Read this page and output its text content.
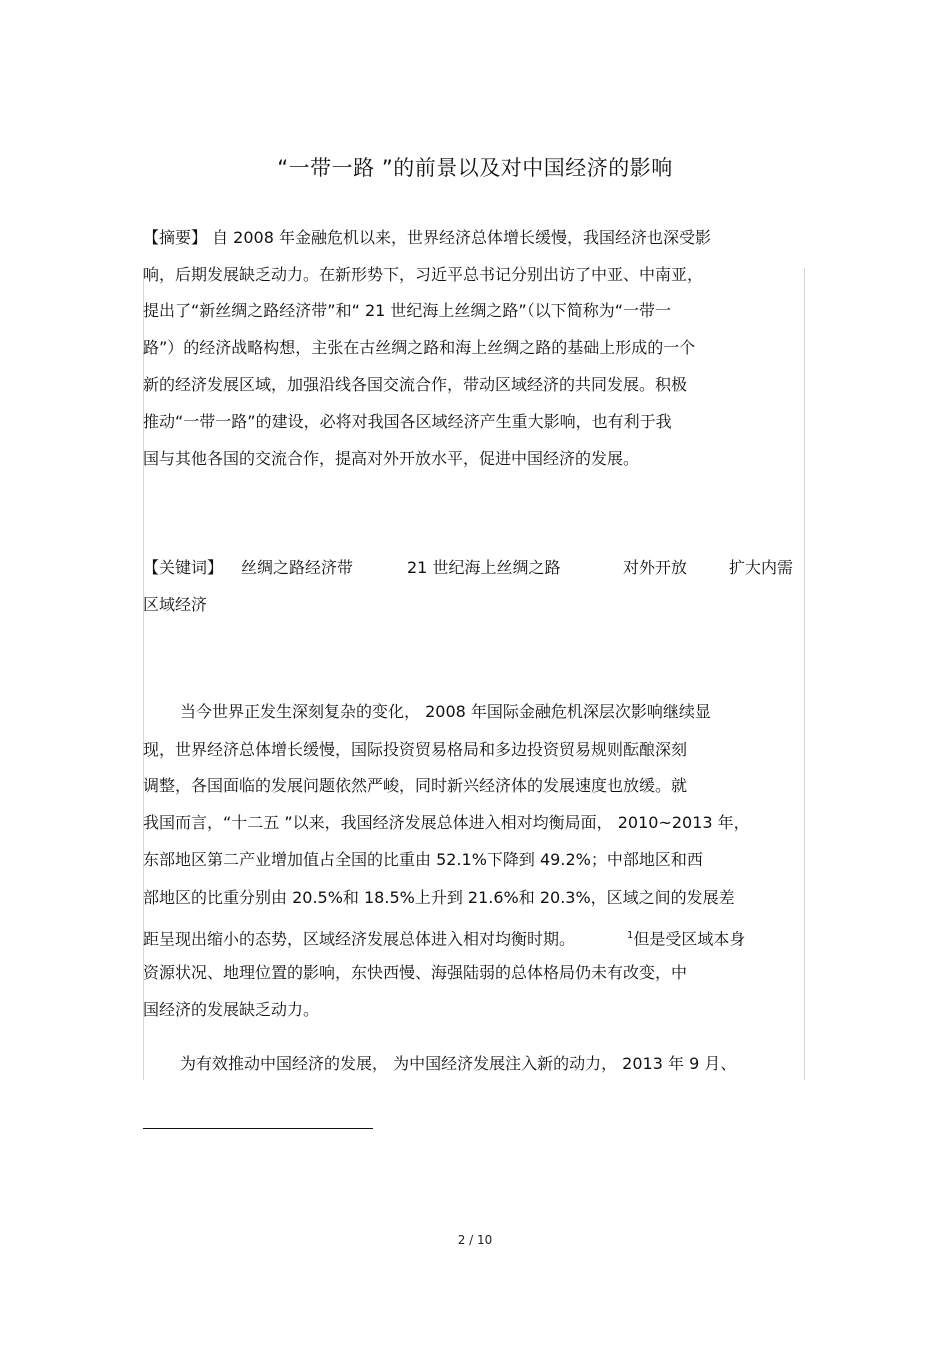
“一带一路 ”的前景以及对中国经济的影响
【摘要】 自 2008 年金融危机以来，世界经济总体增长缓慢，我国经济也深受影
响，后期发展缺乏动力。在新形势下，习近平总书记分别出访了中亚、中南亚，
提出了“新丝绸之路经济带”和“ 21 世纪海上丝绸之路”（以下简称为“一带一
路”）的经济战略构想，主张在古丝绸之路和海上丝绸之路的基础上形成的一个
新的经济发展区域，加强沿线各国交流合作，带动区域经济的共同发展。积极
推动“一带一路”的建设，必将对我国各区域经济产生重大影响，也有利于我
国与其他各国的交流合作，提高对外开放水平，促进中国经济的发展。
【关键词】 丝绸之路经济带	21 世纪海上丝绸之路	对外开放	扩大内需
区域经济
当今世界正发生深刻复杂的变化， 2008 年国际金融危机深层次影响继续显
现，世界经济总体增长缓慢，国际投资贸易格局和多边投资贸易规则酝酿深刻
调整，各国面临的发展问题依然严峻，同时新兴经济体的发展速度也放缓。就
我国而言，“十二五 ”以来，我国经济发展总体进入相对均衡局面， 2010~2013 年，
东部地区第二产业增加值占全国的比重由 52.1%下降到 49.2%；中部地区和西
部地区的比重分别由 20.5%和 18.5%上升到 21.6%和 20.3%，区域之间的发展差
距呈现出缩小的态势，区域经济发展总体进入相对均衡时期。	$^1$但是受区域本身
资源状况、地理位置的影响，东快西慢、海强陆弱的总体格局仍未有改变，中
国经济的发展缺乏动力。
为有效推动中国经济的发展， 为中国经济发展注入新的动力， 2013 年 9 月、
2 / 10
